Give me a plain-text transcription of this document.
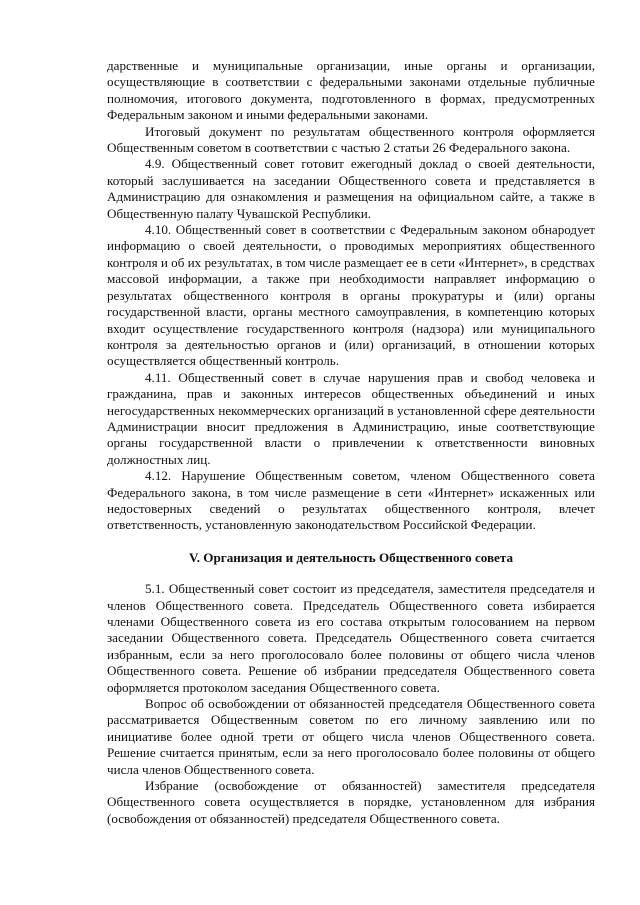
дарственные и муниципальные организации, иные органы и организации, осуществляющие в соответствии с федеральными законами отдельные публичные полномочия, итогового документа, подготовленного в формах, предусмотренных Федеральным законом и иными федеральными законами.

Итоговый документ по результатам общественного контроля оформляется Общественным советом в соответствии с частью 2 статьи 26 Федерального закона.

4.9. Общественный совет готовит ежегодный доклад о своей деятельности, который заслушивается на заседании Общественного совета и представляется в Администрацию для ознакомления и размещения на официальном сайте, а также в Общественную палату Чувашской Республики.

4.10. Общественный совет в соответствии с Федеральным законом обнародует информацию о своей деятельности, о проводимых мероприятиях общественного контроля и об их результатах, в том числе размещает ее в сети «Интернет», в средствах массовой информации, а также при необходимости направляет информацию о результатах общественного контроля в органы прокуратуры и (или) органы государственной власти, органы местного самоуправления, в компетенцию которых входит осуществление государственного контроля (надзора) или муниципального контроля за деятельностью органов и (или) организаций, в отношении которых осуществляется общественный контроль.

4.11. Общественный совет в случае нарушения прав и свобод человека и гражданина, прав и законных интересов общественных объединений и иных негосударственных некоммерческих организаций в установленной сфере деятельности Администрации вносит предложения в Администрацию, иные соответствующие органы государственной власти о привлечении к ответственности виновных должностных лиц.

4.12. Нарушение Общественным советом, членом Общественного совета Федерального закона, в том числе размещение в сети «Интернет» искаженных или недостоверных сведений о результатах общественного контроля, влечет ответственность, установленную законодательством Российской Федерации.

V. Организация и деятельность Общественного совета

5.1. Общественный совет состоит из председателя, заместителя председателя и членов Общественного совета. Председатель Общественного совета избирается членами Общественного совета из его состава открытым голосованием на первом заседании Общественного совета. Председатель Общественного совета считается избранным, если за него проголосовало более половины от общего числа членов Общественного совета. Решение об избрании председателя Общественного совета оформляется протоколом заседания Общественного совета.

Вопрос об освобождении от обязанностей председателя Общественного совета рассматривается Общественным советом по его личному заявлению или по инициативе более одной трети от общего числа членов Общественного совета. Решение считается принятым, если за него проголосовало более половины от общего числа членов Общественного совета.

Избрание (освобождение от обязанностей) заместителя председателя Общественного совета осуществляется в порядке, установленном для избрания (освобождения от обязанностей) председателя Общественного совета.
